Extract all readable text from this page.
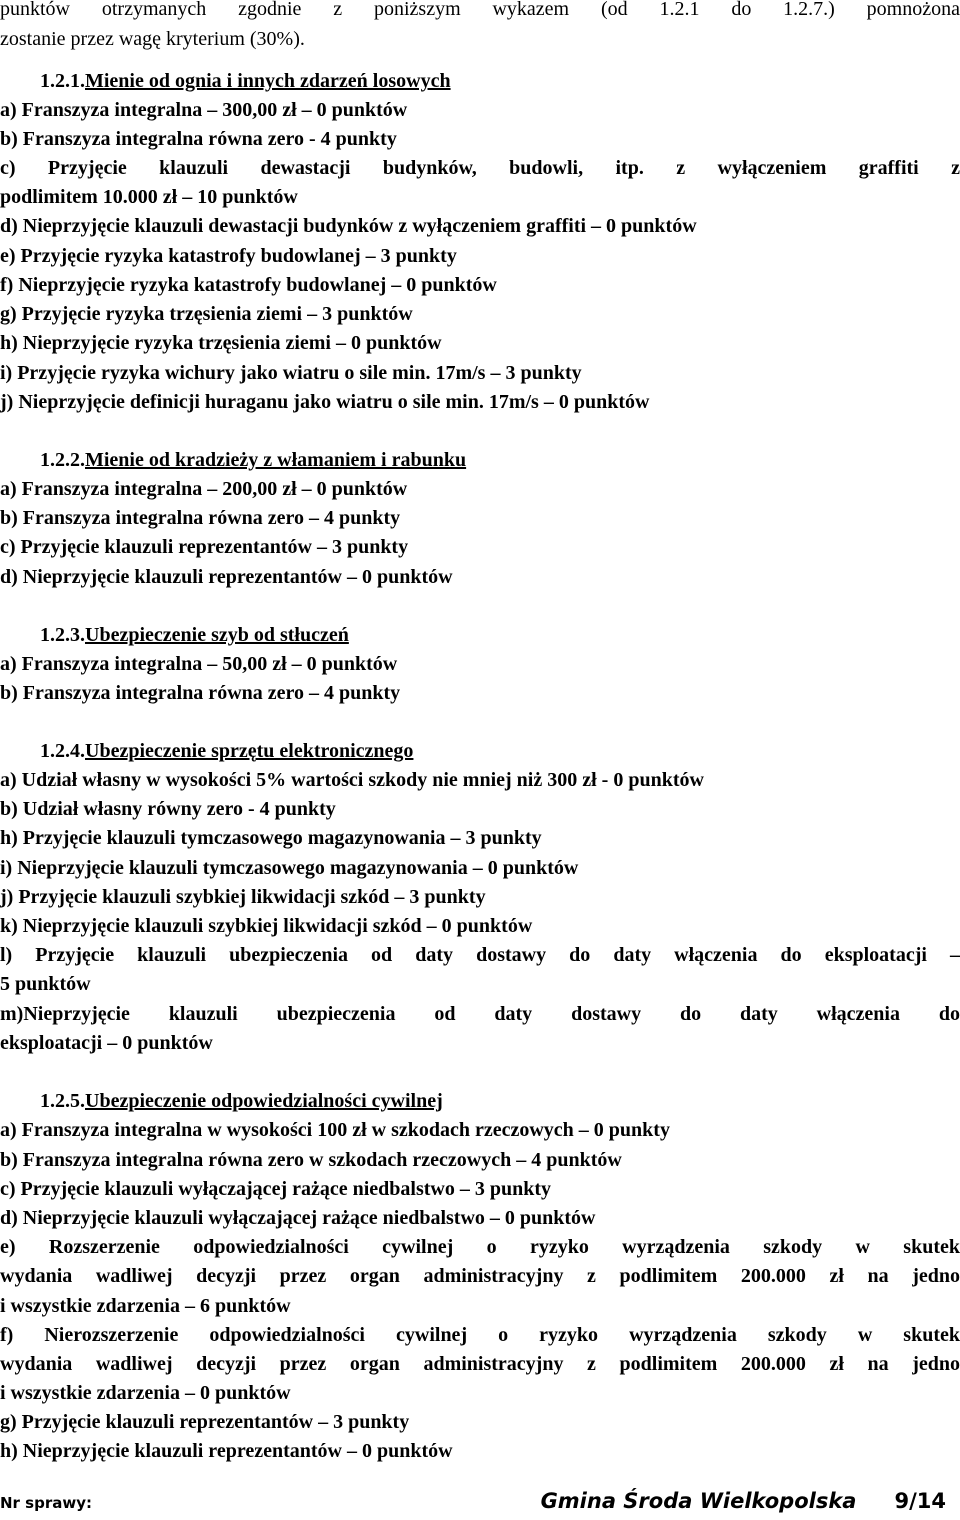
punktów otrzymanych zgodnie z poniższym wykazem (od 1.2.1 do 1.2.7.) pomnożona
zostanie przez wagę kryterium (30%).
1.2.1.Mienie od ognia i innych zdarzeń losowych
a) Franszyza integralna – 300,00 zł – 0 punktów
b) Franszyza integralna równa zero - 4 punkty
c) Przyjęcie klauzuli dewastacji budynków, budowli, itp. z wyłączeniem graffiti z
podlimitem 10.000 zł – 10 punktów
d) Nieprzyjęcie klauzuli dewastacji budynków z wyłączeniem graffiti – 0 punktów
e) Przyjęcie ryzyka katastrofy budowlanej – 3 punkty
f) Nieprzyjęcie ryzyka katastrofy budowlanej – 0 punktów
g) Przyjęcie ryzyka trzęsienia ziemi – 3 punktów
h) Nieprzyjęcie ryzyka trzęsienia ziemi – 0 punktów
i) Przyjęcie ryzyka wichury jako wiatru o sile min. 17m/s – 3 punkty
j) Nieprzyjęcie definicji huraganu jako wiatru o sile min. 17m/s – 0 punktów
1.2.2.Mienie od kradzieży z włamaniem i rabunku
a) Franszyza integralna – 200,00 zł – 0 punktów
b) Franszyza integralna równa zero – 4 punkty
c) Przyjęcie klauzuli reprezentantów – 3 punkty
d) Nieprzyjęcie klauzuli reprezentantów – 0 punktów
1.2.3.Ubezpieczenie szyb od stłuczeń
a) Franszyza integralna – 50,00 zł – 0 punktów
b) Franszyza integralna równa zero – 4 punkty
1.2.4.Ubezpieczenie sprzętu elektronicznego
a) Udział własny w wysokości 5% wartości szkody nie mniej niż 300 zł - 0 punktów
b) Udział własny równy zero - 4 punkty
h) Przyjęcie klauzuli tymczasowego magazynowania – 3 punkty
i) Nieprzyjęcie klauzuli tymczasowego magazynowania – 0 punktów
j) Przyjęcie klauzuli szybkiej likwidacji szkód – 3 punkty
k) Nieprzyjęcie klauzuli szybkiej likwidacji szkód – 0 punktów
l) Przyjęcie klauzuli ubezpieczenia od daty dostawy do daty włączenia do eksploatacji –
5 punktów
m)Nieprzyjęcie klauzuli ubezpieczenia od daty dostawy do daty włączenia do
eksploatacji – 0 punktów
1.2.5.Ubezpieczenie odpowiedzialności cywilnej
a) Franszyza integralna w wysokości 100 zł w szkodach rzeczowych – 0 punkty
b) Franszyza integralna równa zero w szkodach rzeczowych – 4 punktów
c) Przyjęcie klauzuli wyłączającej rażące niedbalstwo – 3 punkty
d) Nieprzyjęcie klauzuli wyłączającej rażące niedbalstwo – 0 punktów
e) Rozszerzenie odpowiedzialności cywilnej o ryzyko wyrządzenia szkody w skutek
wydania wadliwej decyzji przez organ administracyjny z podlimitem 200.000 zł na jedno
i wszystkie zdarzenia – 6 punktów
f) Nierozszerzenie odpowiedzialności cywilnej o ryzyko wyrządzenia szkody w skutek
wydania wadliwej decyzji przez organ administracyjny z podlimitem 200.000 zł na jedno
i wszystkie zdarzenia – 0 punktów
g) Przyjęcie klauzuli reprezentantów – 3 punkty
h) Nieprzyjęcie klauzuli reprezentantów – 0 punktów
Nr sprawy:	Gmina Środa Wielkopolska 9/14
